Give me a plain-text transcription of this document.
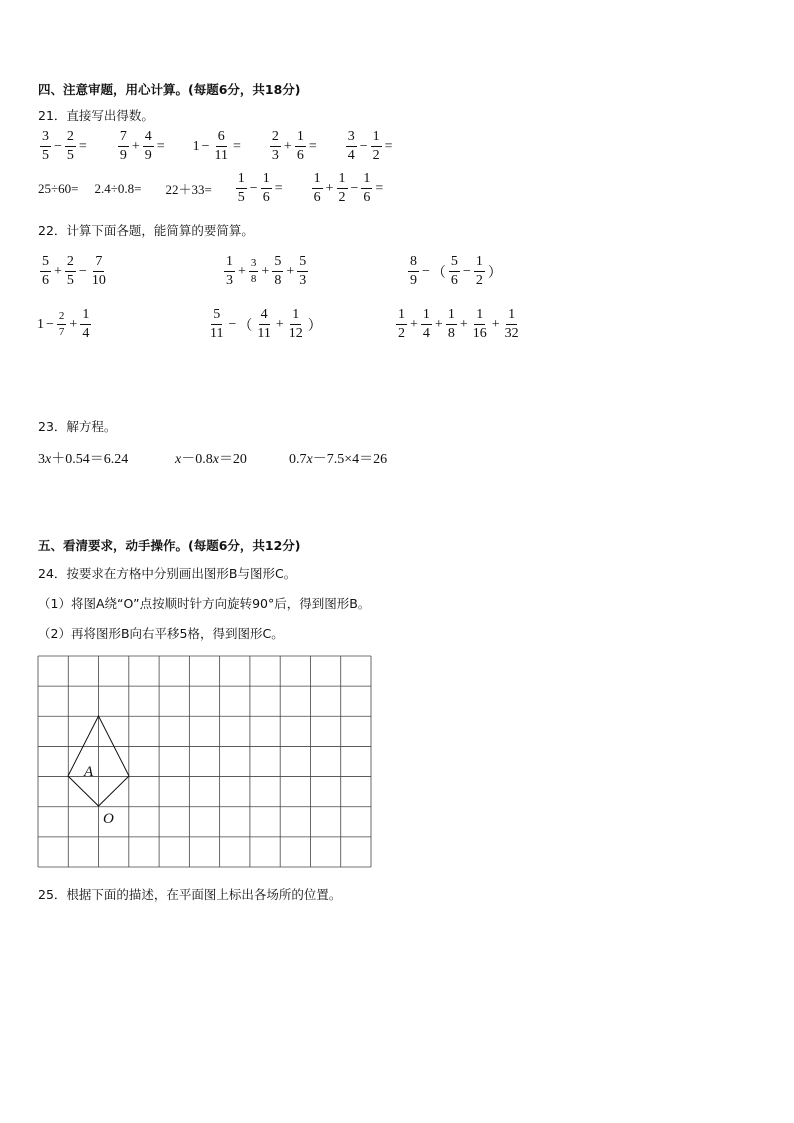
四、注意审题，用心计算。(每题6分，共18分)
21．直接写出得数。
$\frac{3}{5} - \frac{2}{5} = \frac{7}{9} + \frac{4}{9} = 1 - \frac{6}{11} = \frac{2}{3} + \frac{1}{6} = \frac{3}{4} - \frac{1}{2}$ =
$25\div 60= 2.4\div 0.8= 22+33= \frac{1}{5} - \frac{1}{6} = \frac{1}{6} + \frac{1}{2} - \frac{1}{6}$ =
22．计算下面各题，能简算的要简算。
$\frac{5}{6} + \frac{2}{5} - \frac{7}{10}$	$\frac{1}{3} + \frac{3}{8} + \frac{5}{8} + \frac{5}{3}$	$\frac{8}{9}$ − （ $\frac{5}{6} - \frac{1}{2}$ ）
$1 - \frac{2}{7} + \frac{1}{4}$	$\frac{5}{11}$ − （ $\frac{4}{11} + \frac{1}{12}$ ）	$\frac{1}{2} + \frac{1}{4} + \frac{1}{8} + \frac{1}{16} + \frac{1}{32}$
23．解方程。
3x＋0.54＝6.24	x－0.8x＝20	0.7x－7.5×4＝26
五、看清要求，动手操作。(每题6分，共12分)
24．按要求在方格中分别画出图形B与图形C。
（1）将图A绕“O”点按顺时针方向旋转90°后，得到图形B。
（2）再将图形B向右平移5格，得到图形C。
A
O
25．根据下面的描述，在平面图上标出各场所的位置。
